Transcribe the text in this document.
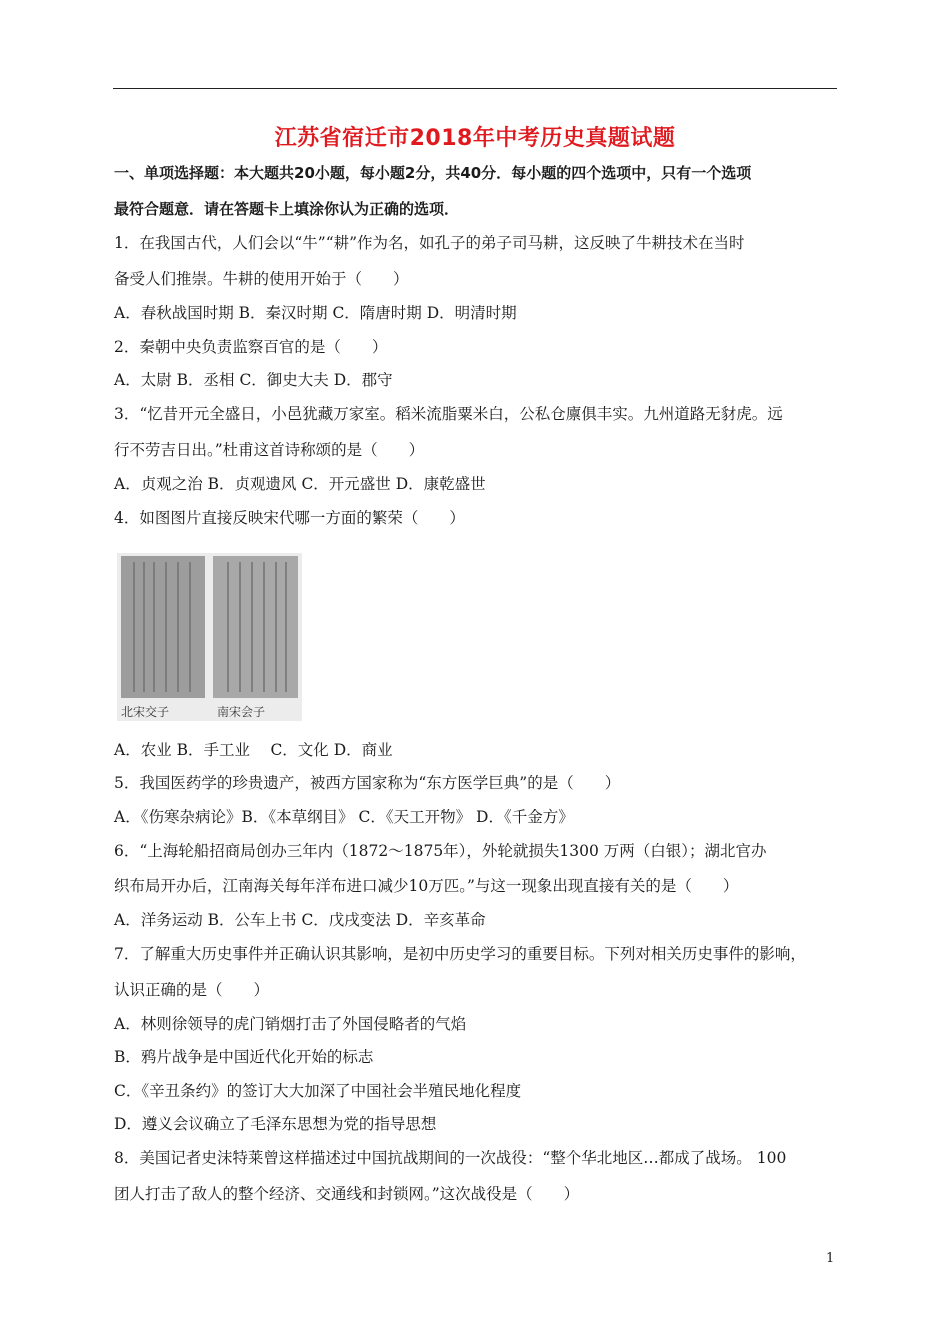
江苏省宿迁市2018年中考历史真题试题
一、单项选择题：本大题共20小题，每小题2分，共40分．每小题的四个选项中，只有一个选项
最符合题意．请在答题卡上填涂你认为正确的选项．
1．在我国古代，人们会以“牛”“耕”作为名，如孔子的弟子司马耕，这反映了牛耕技术在当时
备受人们推崇。牛耕的使用开始于（　　）
A．春秋战国时期 B．秦汉时期 C．隋唐时期 D．明清时期
2．秦朝中央负责监察百官的是（　　）
A．太尉 B．丞相 C．御史大夫 D．郡守
3．“忆昔开元全盛日，小邑犹藏万家室。稻米流脂粟米白，公私仓廪俱丰实。九州道路无豺虎。远
行不劳吉日出。”杜甫这首诗称颂的是（　　）
A．贞观之治 B．贞观遗风 C．开元盛世 D．康乾盛世
4．如图图片直接反映宋代哪一方面的繁荣（　　）
北宋交子	南宋会子
A．农业 B．手工业　 C．文化 D．商业
5．我国医药学的珍贵遗产，被西方国家称为“东方医学巨典”的是（　　）
A．《伤寒杂病论》B．《本草纲目》 C．《天工开物》 D．《千金方》
6．“上海轮船招商局创办三年内（1872～1875年），外轮就损失1300 万两（白银）；湖北官办
织布局开办后，江南海关每年洋布进口减少10万匹。”与这一现象出现直接有关的是（　　）
A．洋务运动 B．公车上书 C．戊戌变法 D．辛亥革命
7．了解重大历史事件并正确认识其影响，是初中历史学习的重要目标。下列对相关历史事件的影响，
认识正确的是（　　）
A．林则徐领导的虎门销烟打击了外国侵略者的气焰
B．鸦片战争是中国近代化开始的标志
C．《辛丑条约》的签订大大加深了中国社会半殖民地化程度
D．遵义会议确立了毛泽东思想为党的指导思想
8．美国记者史沫特莱曾这样描述过中国抗战期间的一次战役：“整个华北地区…都成了战场。 100
团人打击了敌人的整个经济、交通线和封锁网。”这次战役是（　　）
1
